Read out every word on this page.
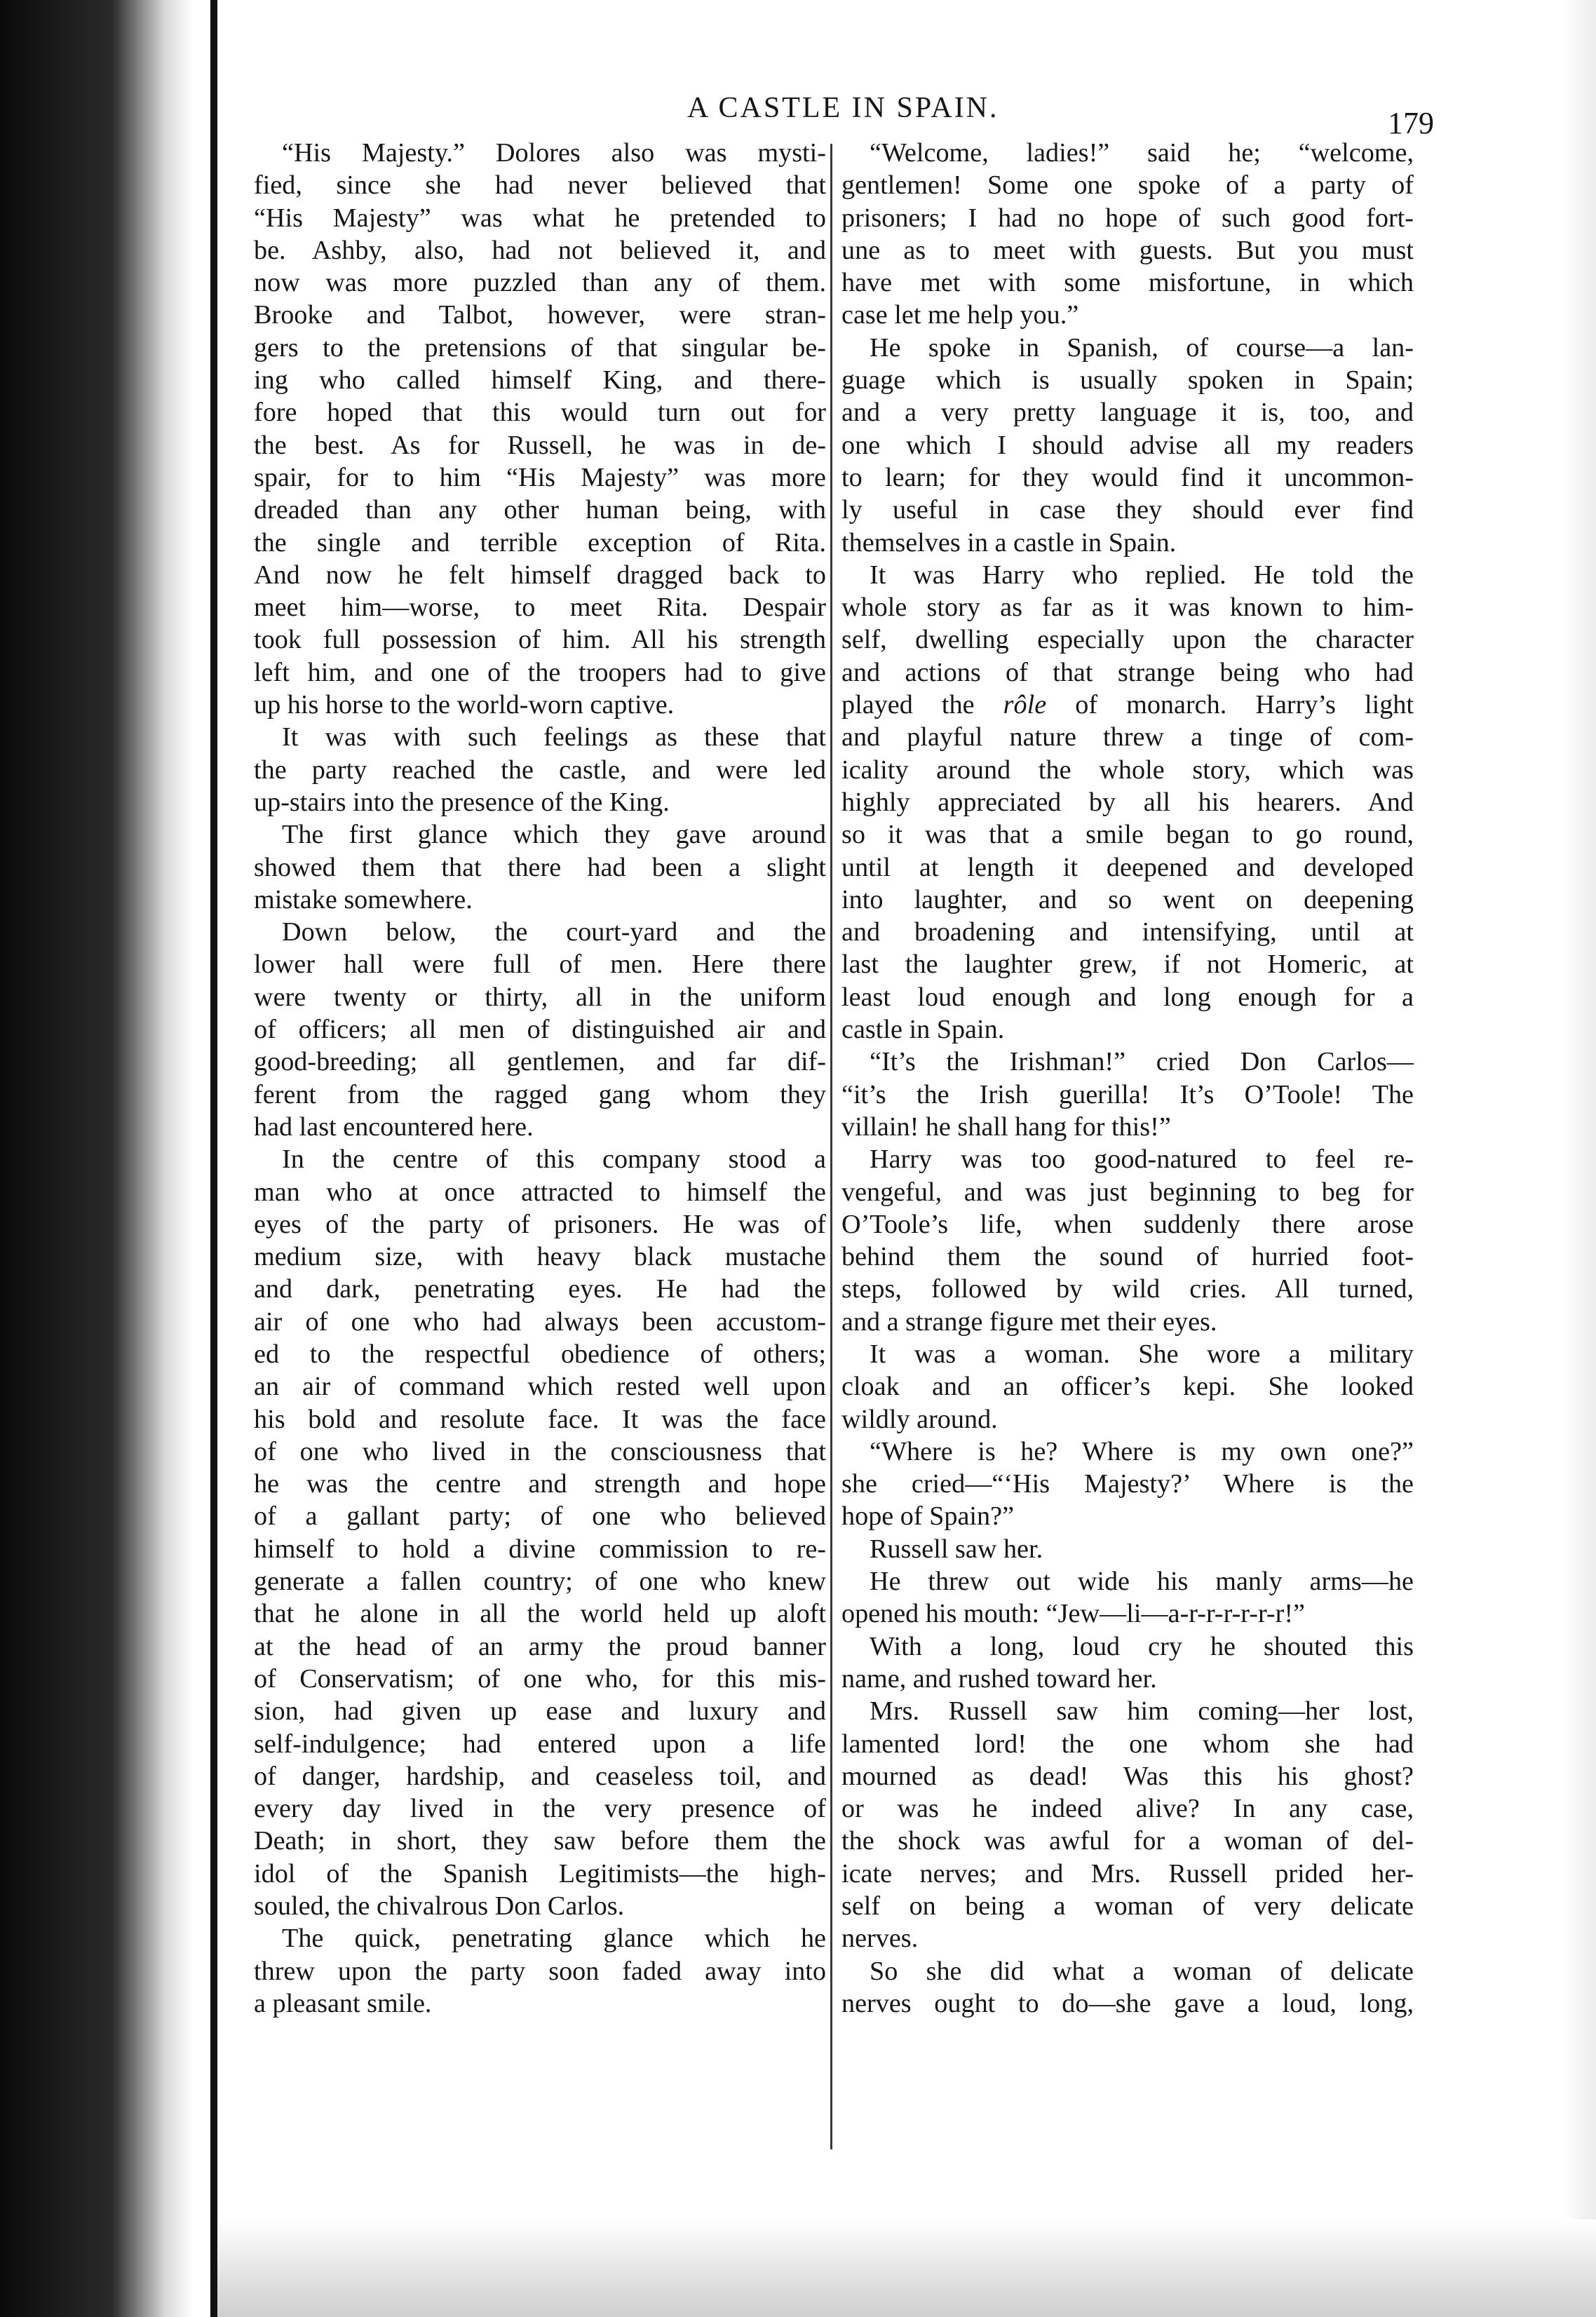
A CASTLE IN SPAIN.	179
“His Majesty.” Dolores also was mysti-
fied, since she had never believed that
“His Majesty” was what he pretended to
be. Ashby, also, had not believed it, and
now was more puzzled than any of them.
Brooke and Talbot, however, were stran-
gers to the pretensions of that singular be-
ing who called himself King, and there-
fore hoped that this would turn out for
the best. As for Russell, he was in de-
spair, for to him “His Majesty” was more
dreaded than any other human being, with
the single and terrible exception of Rita.
And now he felt himself dragged back to
meet him—worse, to meet Rita. Despair
took full possession of him. All his strength
left him, and one of the troopers had to give
up his horse to the world-worn captive.
It was with such feelings as these that
the party reached the castle, and were led
up-stairs into the presence of the King.
The first glance which they gave around
showed them that there had been a slight
mistake somewhere.
Down below, the court-yard and the
lower hall were full of men. Here there
were twenty or thirty, all in the uniform
of officers; all men of distinguished air and
good-breeding; all gentlemen, and far dif-
ferent from the ragged gang whom they
had last encountered here.
In the centre of this company stood a
man who at once attracted to himself the
eyes of the party of prisoners. He was of
medium size, with heavy black mustache
and dark, penetrating eyes. He had the
air of one who had always been accustom-
ed to the respectful obedience of others;
an air of command which rested well upon
his bold and resolute face. It was the face
of one who lived in the consciousness that
he was the centre and strength and hope
of a gallant party; of one who believed
himself to hold a divine commission to re-
generate a fallen country; of one who knew
that he alone in all the world held up aloft
at the head of an army the proud banner
of Conservatism; of one who, for this mis-
sion, had given up ease and luxury and
self-indulgence; had entered upon a life
of danger, hardship, and ceaseless toil, and
every day lived in the very presence of
Death; in short, they saw before them the
idol of the Spanish Legitimists—the high-
souled, the chivalrous Don Carlos.
The quick, penetrating glance which he
threw upon the party soon faded away into
a pleasant smile.
“Welcome, ladies!” said he; “welcome,
gentlemen! Some one spoke of a party of
prisoners; I had no hope of such good fort-
une as to meet with guests. But you must
have met with some misfortune, in which
case let me help you.”
He spoke in Spanish, of course—a lan-
guage which is usually spoken in Spain;
and a very pretty language it is, too, and
one which I should advise all my readers
to learn; for they would find it uncommon-
ly useful in case they should ever find
themselves in a castle in Spain.
It was Harry who replied. He told the
whole story as far as it was known to him-
self, dwelling especially upon the character
and actions of that strange being who had
played the rôle of monarch. Harry’s light
and playful nature threw a tinge of com-
icality around the whole story, which was
highly appreciated by all his hearers. And
so it was that a smile began to go round,
until at length it deepened and developed
into laughter, and so went on deepening
and broadening and intensifying, until at
last the laughter grew, if not Homeric, at
least loud enough and long enough for a
castle in Spain.
“It’s the Irishman!” cried Don Carlos—
“it’s the Irish guerilla! It’s O’Toole! The
villain! he shall hang for this!”
Harry was too good-natured to feel re-
vengeful, and was just beginning to beg for
O’Toole’s life, when suddenly there arose
behind them the sound of hurried foot-
steps, followed by wild cries. All turned,
and a strange figure met their eyes.
It was a woman. She wore a military
cloak and an officer’s kepi. She looked
wildly around.
“Where is he? Where is my own one?”
she cried—“‘His Majesty?’ Where is the
hope of Spain?”
Russell saw her.
He threw out wide his manly arms—he
opened his mouth: “Jew—li—a-r-r-r-r-r-r!”
With a long, loud cry he shouted this
name, and rushed toward her.
Mrs. Russell saw him coming—her lost,
lamented lord! the one whom she had
mourned as dead! Was this his ghost?
or was he indeed alive? In any case,
the shock was awful for a woman of del-
icate nerves; and Mrs. Russell prided her-
self on being a woman of very delicate
nerves.
So she did what a woman of delicate
nerves ought to do—she gave a loud, long,
